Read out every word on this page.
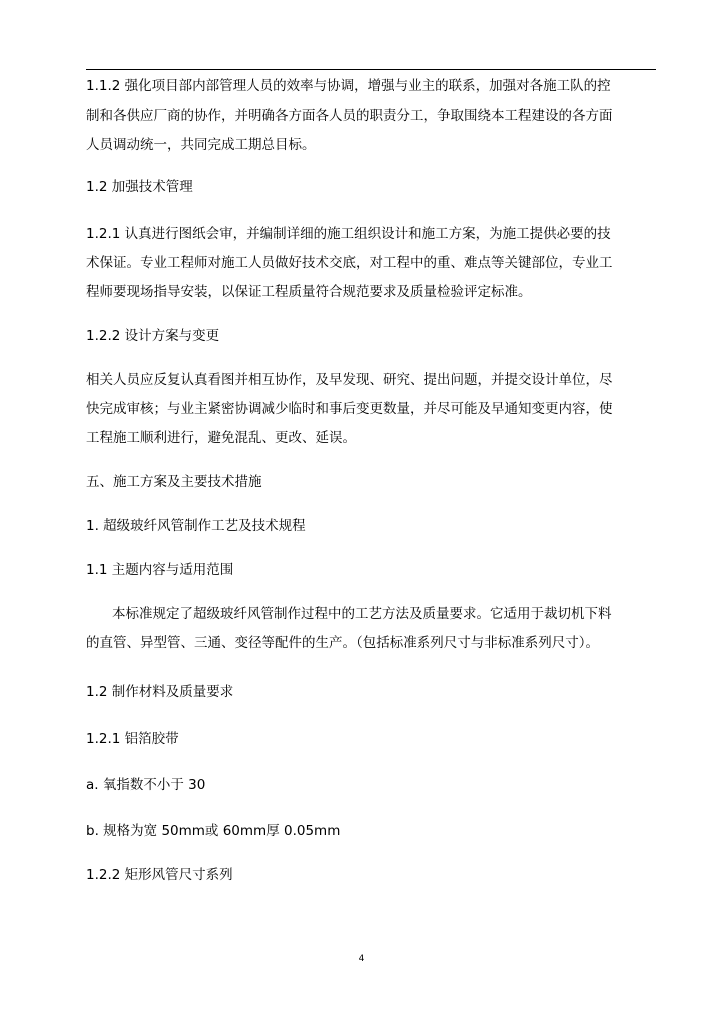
1.1.2 强化项目部内部管理人员的效率与协调，增强与业主的联系，加强对各施工队的控
制和各供应厂商的协作，并明确各方面各人员的职责分工，争取围绕本工程建设的各方面
人员调动统一，共同完成工期总目标。
1.2 加强技术管理
1.2.1 认真进行图纸会审，并编制详细的施工组织设计和施工方案，为施工提供必要的技
术保证。专业工程师对施工人员做好技术交底，对工程中的重、难点等关键部位，专业工
程师要现场指导安装，以保证工程质量符合规范要求及质量检验评定标准。
1.2.2 设计方案与变更
相关人员应反复认真看图并相互协作，及早发现、研究、提出问题，并提交设计单位，尽
快完成审核；与业主紧密协调减少临时和事后变更数量，并尽可能及早通知变更内容，使
工程施工顺利进行，避免混乱、更改、延误。
五、施工方案及主要技术措施
1. 超级玻纤风管制作工艺及技术规程
1.1 主题内容与适用范围
本标准规定了超级玻纤风管制作过程中的工艺方法及质量要求。它适用于裁切机下料
的直管、异型管、三通、变径等配件的生产。（包括标准系列尺寸与非标准系列尺寸）。
1.2 制作材料及质量要求
1.2.1 铝箔胶带
a. 氧指数不小于 30
b. 规格为宽 50mm或 60mm厚 0.05mm
1.2.2 矩形风管尺寸系列
4
